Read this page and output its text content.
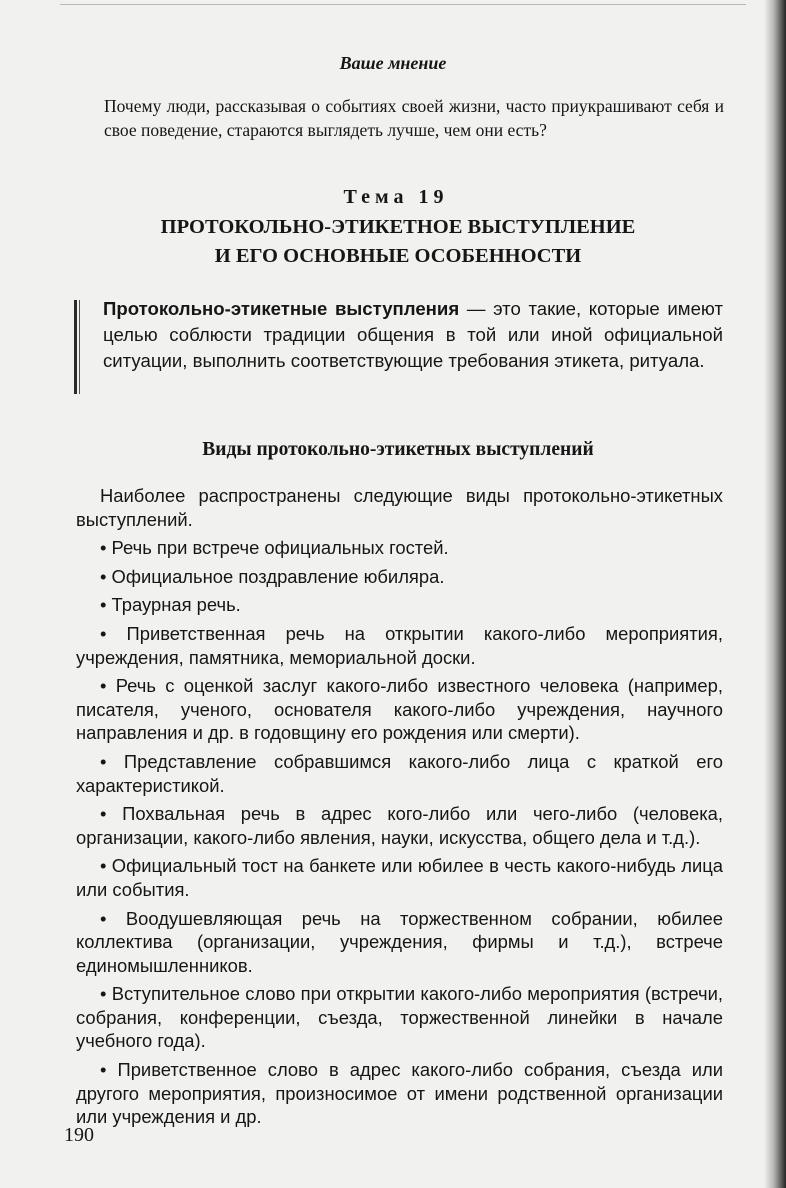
Ваше мнение

Почему люди, рассказывая о событиях своей жизни, часто приукрашивают себя и свое поведение, стараются выглядеть лучше, чем они есть?

Тема 19
ПРОТОКОЛЬНО-ЭТИКЕТНОЕ ВЫСТУПЛЕНИЕ
И ЕГО ОСНОВНЫЕ ОСОБЕННОСТИ

Протокольно-этикетные выступления — это такие, которые имеют целью соблюсти традиции общения в той или иной официальной ситуации, выполнить соответствующие требования этикета, ритуала.

Виды протокольно-этикетных выступлений

Наиболее распространены следующие виды протокольно-этикетных выступлений.

• Речь при встрече официальных гостей.

• Официальное поздравление юбиляра.

• Траурная речь.

• Приветственная речь на открытии какого-либо мероприятия, учреждения, памятника, мемориальной доски.

• Речь с оценкой заслуг какого-либо известного человека (например, писателя, ученого, основателя какого-либо учреждения, научного направления и др. в годовщину его рождения или смерти).

• Представление собравшимся какого-либо лица с краткой его характеристикой.

• Похвальная речь в адрес кого-либо или чего-либо (человека, организации, какого-либо явления, науки, искусства, общего дела и т.д.).

• Официальный тост на банкете или юбилее в честь какого-нибудь лица или события.

• Воодушевляющая речь на торжественном собрании, юбилее коллектива (организации, учреждения, фирмы и т.д.), встрече единомышленников.

• Вступительное слово при открытии какого-либо мероприятия (встречи, собрания, конференции, съезда, торжественной линейки в начале учебного года).

• Приветственное слово в адрес какого-либо собрания, съезда или другого мероприятия, произносимое от имени родственной организации или учреждения и др.

190
